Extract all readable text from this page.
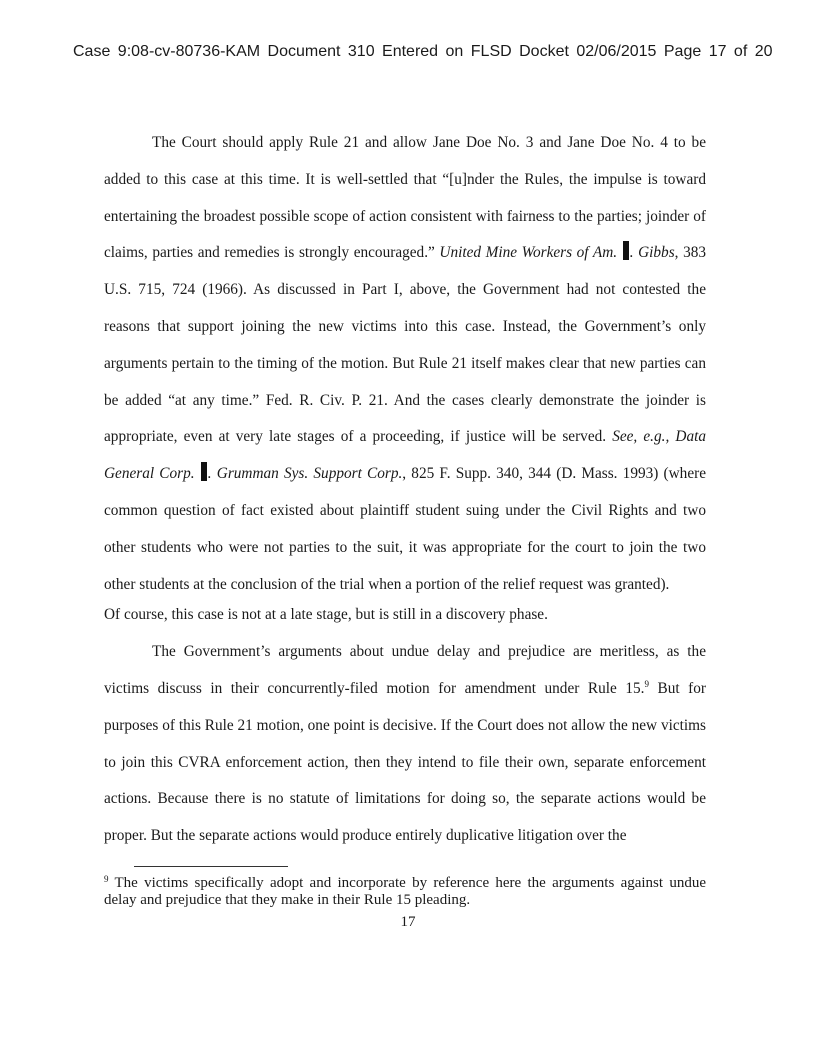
Case 9:08-cv-80736-KAM Document 310 Entered on FLSD Docket 02/06/2015 Page 17 of 20

The Court should apply Rule 21 and allow Jane Doe No. 3 and Jane Doe No. 4 to be added to this case at this time. It is well-settled that “[u]nder the Rules, the impulse is toward entertaining the broadest possible scope of action consistent with fairness to the parties; joinder of claims, parties and remedies is strongly encouraged.” United Mine Workers of Am. . Gibbs, 383 U.S. 715, 724 (1966). As discussed in Part I, above, the Government had not contested the reasons that support joining the new victims into this case. Instead, the Government’s only arguments pertain to the timing of the motion. But Rule 21 itself makes clear that new parties can be added “at any time.” Fed. R. Civ. P. 21. And the cases clearly demonstrate the joinder is appropriate, even at very late stages of a proceeding, if justice will be served. See, e.g., Data General Corp. . Grumman Sys. Support Corp., 825 F. Supp. 340, 344 (D. Mass. 1993) (where common question of fact existed about plaintiff student suing under the Civil Rights and two other students who were not parties to the suit, it was appropriate for the court to join the two other students at the conclusion of the trial when a portion of the relief request was granted).

Of course, this case is not at a late stage, but is still in a discovery phase.

The Government’s arguments about undue delay and prejudice are meritless, as the victims discuss in their concurrently-filed motion for amendment under Rule 15.$^9$ But for purposes of this Rule 21 motion, one point is decisive. If the Court does not allow the new victims to join this CVRA enforcement action, then they intend to file their own, separate enforcement actions. Because there is no statute of limitations for doing so, the separate actions would be proper. But the separate actions would produce entirely duplicative litigation over the

$^9$ The victims specifically adopt and incorporate by reference here the arguments against undue delay and prejudice that they make in their Rule 15 pleading.
17
